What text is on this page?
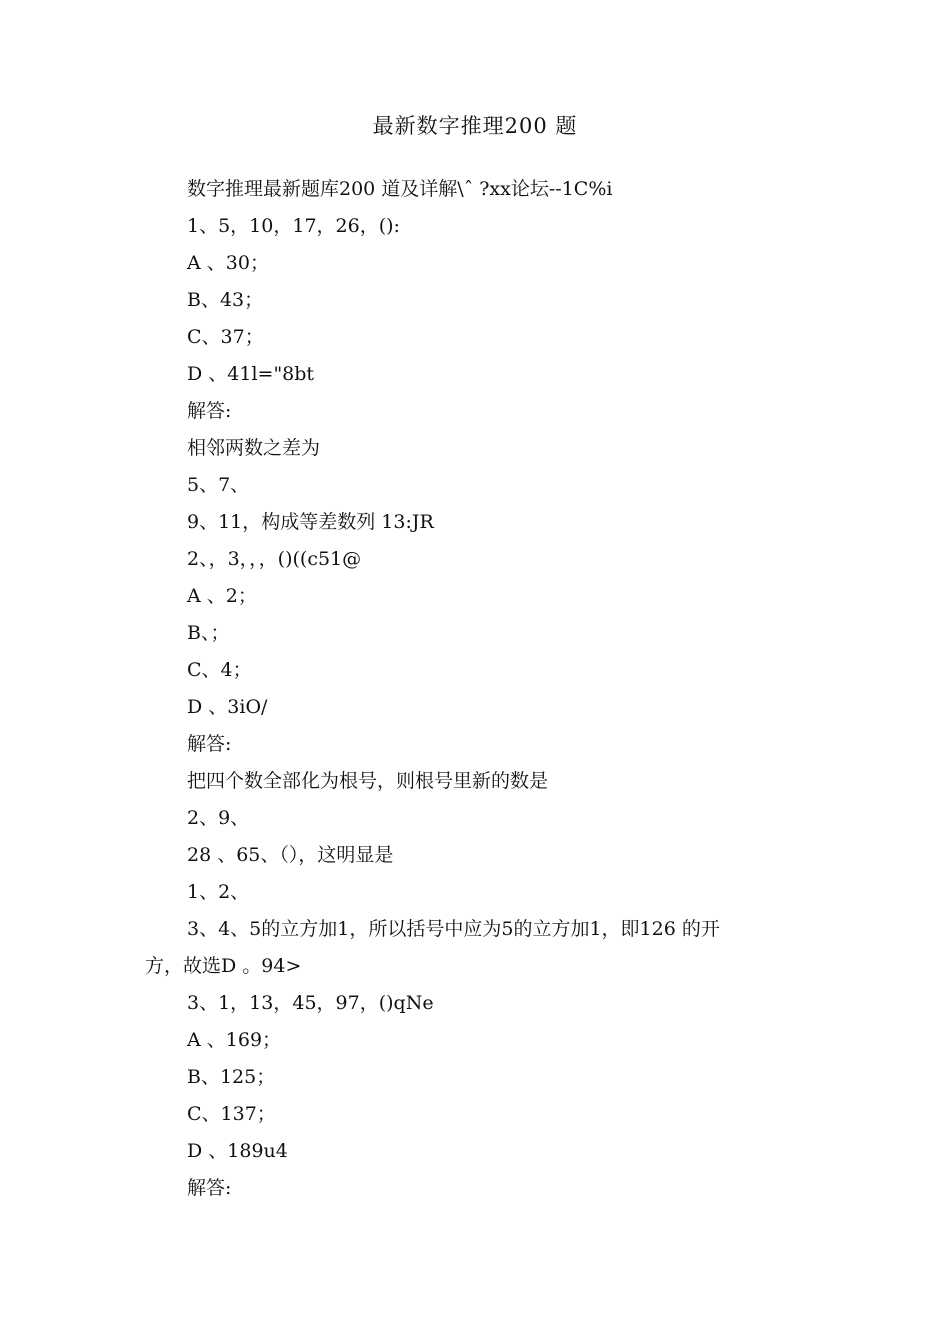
最新数字推理200 题
数字推理最新题库200 道及详解\ˆ ?xx论坛--1C%i
1、5，10，17，26，():
A 、30；
B、43；
C、37；
D 、41l="8bt
解答:
相邻两数之差为
5、7、
9、11，构成等差数列 13:JR
2、，3，，，()((c51@
A 、2；
B、；
C、4；
D 、3iO/
解答:
把四个数全部化为根号，则根号里新的数是
2、9、
28 、65、（），这明显是
1、2、
3、4、5的立方加1，所以括号中应为5的立方加1，即126 的开
方，故选D 。94>
3、1，13，45，97，()qNe
A 、169；
B、125；
C、137；
D 、189u4
解答:
